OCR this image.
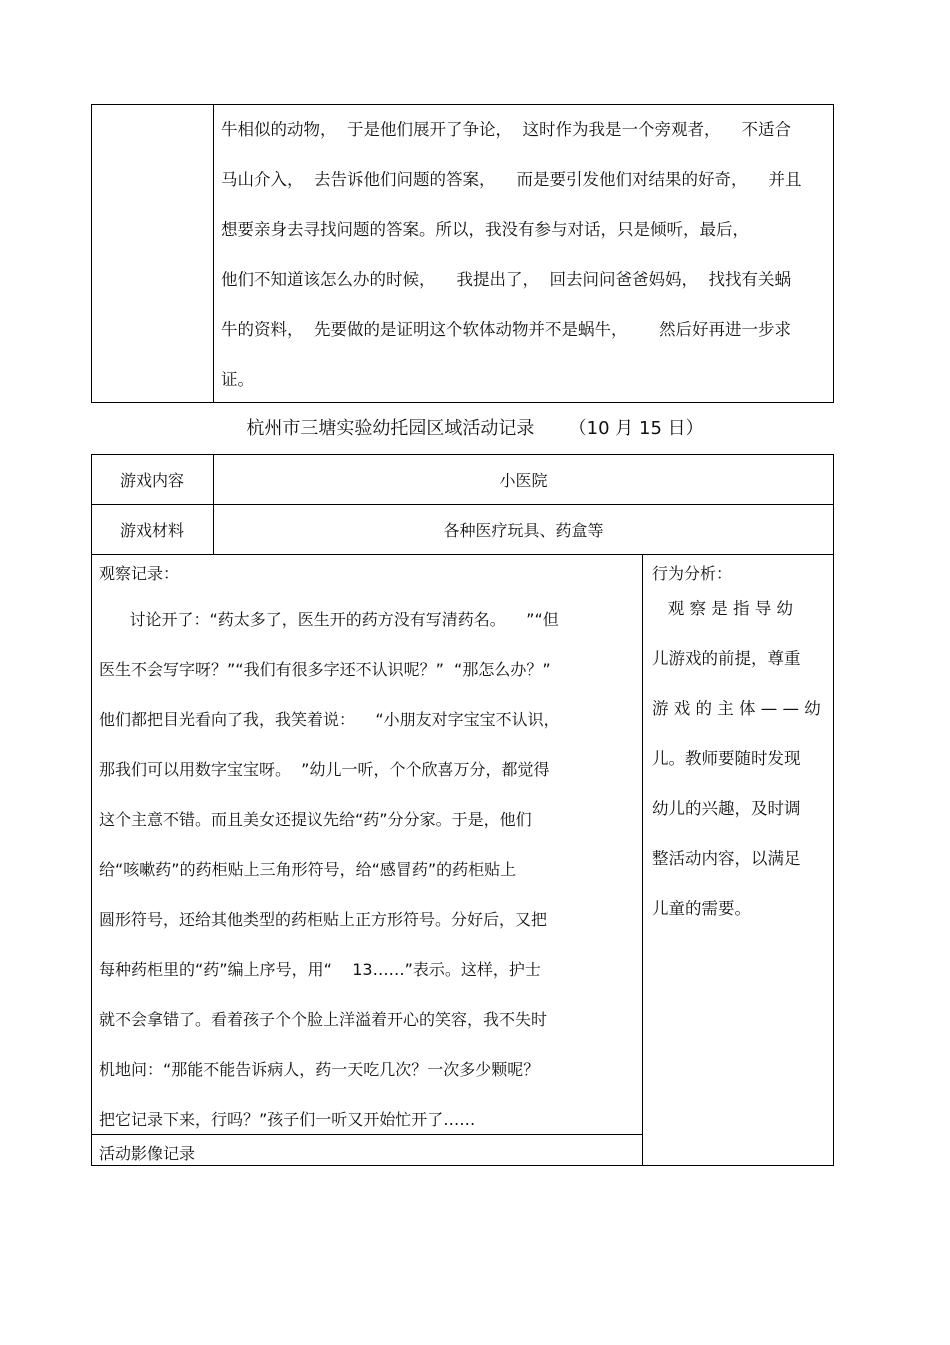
牛相似的动物，  于是他们展开了争论，  这时作为我是一个旁观者，    不适合
马山介入，  去告诉他们问题的答案，    而是要引发他们对结果的好奇，    并且
想要亲身去寻找问题的答案。所以，我没有参与对话，只是倾听，最后，
他们不知道该怎么办的时候，    我提出了，  回去问问爸爸妈妈，  找找有关蜗
牛的资料，  先要做的是证明这个软体动物并不是蜗牛，      然后好再进一步求
证。
杭州市三塘实验幼托园区域活动记录      （10 月 15 日）
游戏内容	小医院
游戏材料	各种医疗玩具、药盒等
观察记录：
讨论开了：“药太多了，医生开的药方没有写清药名。    ”“但
医生不会写字呀？”“我们有很多字还不认识呢？”  “那怎么办？”
他们都把目光看向了我，我笑着说：    “小朋友对字宝宝不认识，
那我们可以用数字宝宝呀。  ”幼儿一听，个个欣喜万分，都觉得
这个主意不错。而且美女还提议先给“药”分分家。于是，他们
给“咳嗽药”的药柜贴上三角形符号，给“感冒药”的药柜贴上
圆形符号，还给其他类型的药柜贴上正方形符号。分好后，又把
每种药柜里的“药”编上序号，用“    13……”表示。这样，护士
就不会拿错了。看着孩子个个脸上洋溢着开心的笑容，我不失时
机地问：“那能不能告诉病人，药一天吃几次？一次多少颗呢？
把它记录下来，行吗？”孩子们一听又开始忙开了……
活动影像记录
行为分析：
观 察 是 指 导 幼
儿游戏的前提，尊重
游 戏 的 主 体 — — 幼
儿。教师要随时发现
幼儿的兴趣，及时调
整活动内容，以满足
儿童的需要。
